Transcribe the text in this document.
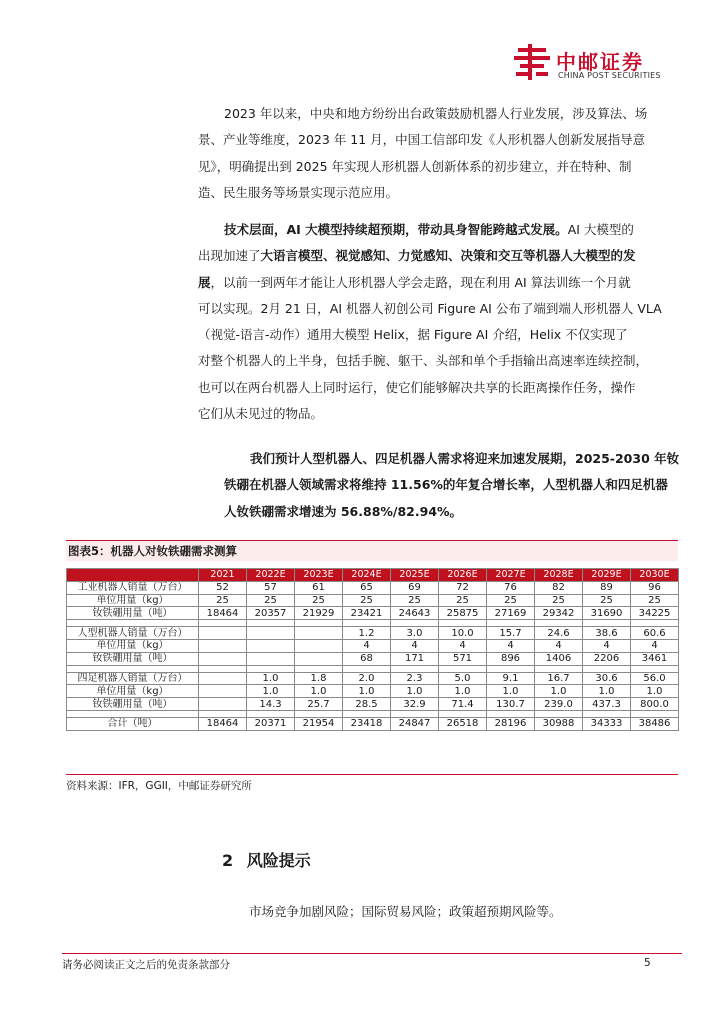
中邮证券
CHINA POST SECURITIES
2023 年以来，中央和地方纷纷出台政策鼓励机器人行业发展，涉及算法、场
景、产业等维度，2023 年 11 月，中国工信部印发《人形机器人创新发展指导意
见》，明确提出到 2025 年实现人形机器人创新体系的初步建立，并在特种、制
造、民生服务等场景实现示范应用。
技术层面，AI 大模型持续超预期，带动具身智能跨越式发展。AI 大模型的
出现加速了大语言模型、视觉感知、力觉感知、决策和交互等机器人大模型的发
展，以前一到两年才能让人形机器人学会走路，现在利用 AI 算法训练一个月就
可以实现。2月 21 日，AI 机器人初创公司 Figure AI 公布了端到端人形机器人 VLA
（视觉-语言-动作）通用大模型 Helix，据 Figure AI 介绍，Helix 不仅实现了
对整个机器人的上半身，包括手腕、躯干、头部和单个手指输出高速率连续控制，
也可以在两台机器人上同时运行，使它们能够解决共享的长距离操作任务，操作
它们从未见过的物品。
我们预计人型机器人、四足机器人需求将迎来加速发展期，2025-2030 年钕
铁硼在机器人领域需求将维持 11.56%的年复合增长率，人型机器人和四足机器
人钕铁硼需求增速为 56.88%/82.94%。
图表5：机器人对钕铁硼需求测算
	2021	2022E	2023E	2024E	2025E	2026E	2027E	2028E	2029E	2030E
工业机器人销量（万台）	52	57	61	65	69	72	76	82	89	96
单位用量（kg）	25	25	25	25	25	25	25	25	25	25
钕铁硼用量（吨）	18464	20357	21929	23421	24643	25875	27169	29342	31690	34225

人型机器人销量（万台）				1.2	3.0	10.0	15.7	24.6	38.6	60.6
单位用量（kg）				4	4	4	4	4	4	4
钕铁硼用量（吨）				68	171	571	896	1406	2206	3461

四足机器人销量（万台）		1.0	1.8	2.0	2.3	5.0	9.1	16.7	30.6	56.0
单位用量（kg）		1.0	1.0	1.0	1.0	1.0	1.0	1.0	1.0	1.0
钕铁硼用量（吨）		14.3	25.7	28.5	32.9	71.4	130.7	239.0	437.3	800.0

合计（吨）	18464	20371	21954	23418	24847	26518	28196	30988	34333	38486
资料来源：IFR，GGII，中邮证券研究所
2 风险提示
市场竞争加剧风险；国际贸易风险；政策超预期风险等。
请务必阅读正文之后的免责条款部分	5
